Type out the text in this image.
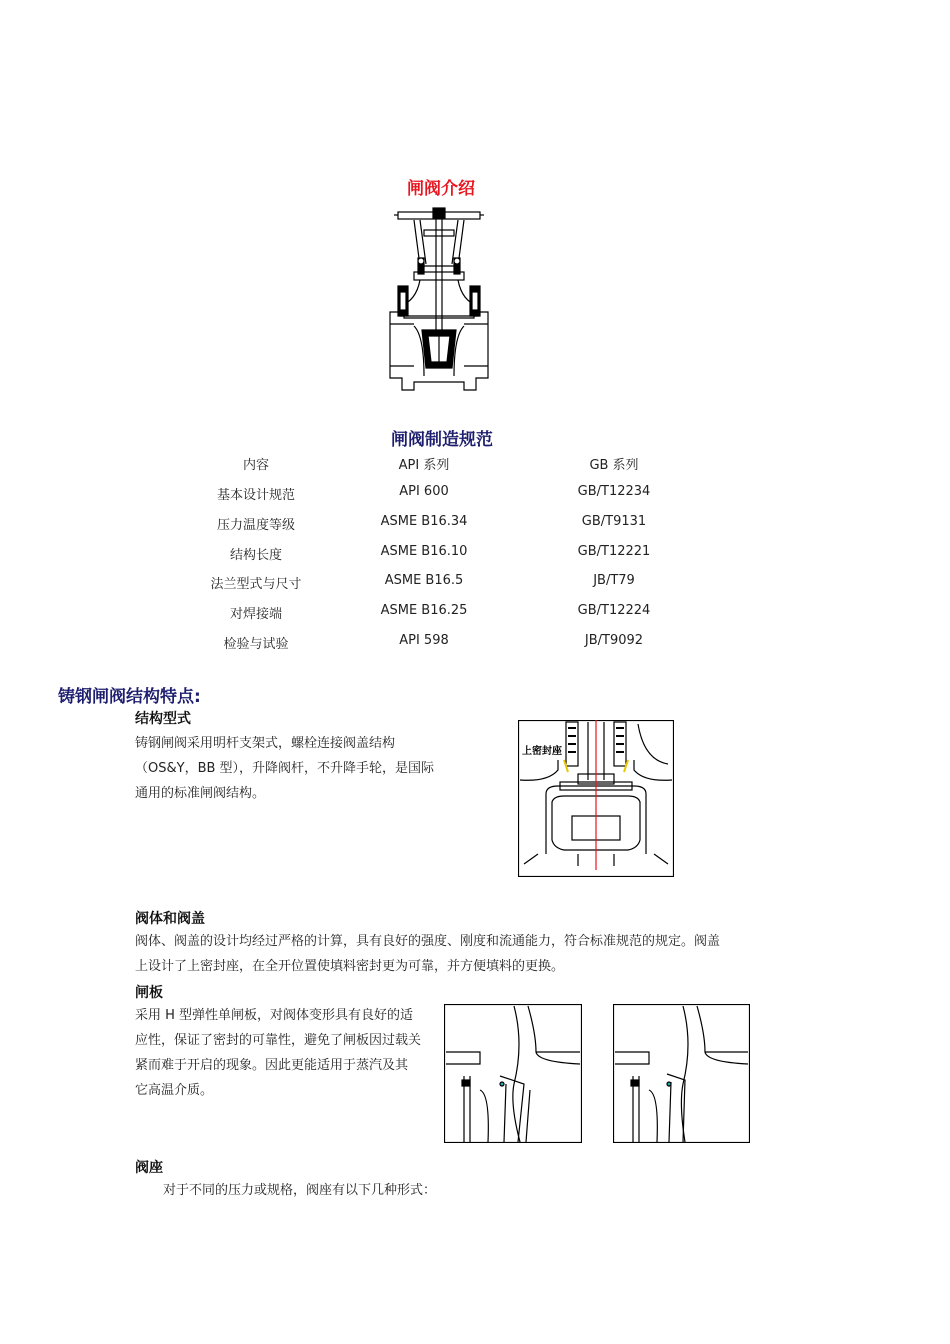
闸阀介绍
闸阀制造规范
内容	API 系列	GB 系列
基本设计规范	API 600	GB/T12234
压力温度等级	ASME B16.34	GB/T9131
结构长度	ASME B16.10	GB/T12221
法兰型式与尺寸	ASME B16.5	JB/T79
对焊接端	ASME B16.25	GB/T12224
检验与试验	API 598	JB/T9092
铸钢闸阀结构特点:
结构型式
铸钢闸阀采用明杆支架式，螺栓连接阀盖结构
（OS&Y，BB 型），升降阀杆，不升降手轮，是国际
通用的标准闸阀结构。
上密封座
阀体和阀盖
阀体、阀盖的设计均经过严格的计算，具有良好的强度、刚度和流通能力，符合标准规范的规定。阀盖
上设计了上密封座，在全开位置使填料密封更为可靠，并方便填料的更换。
闸板
采用 H 型弹性单闸板，对阀体变形具有良好的适
应性，保证了密封的可靠性，避免了闸板因过载关
紧而难于开启的现象。因此更能适用于蒸汽及其
它高温介质。
阀座
对于不同的压力或规格，阀座有以下几种形式：
